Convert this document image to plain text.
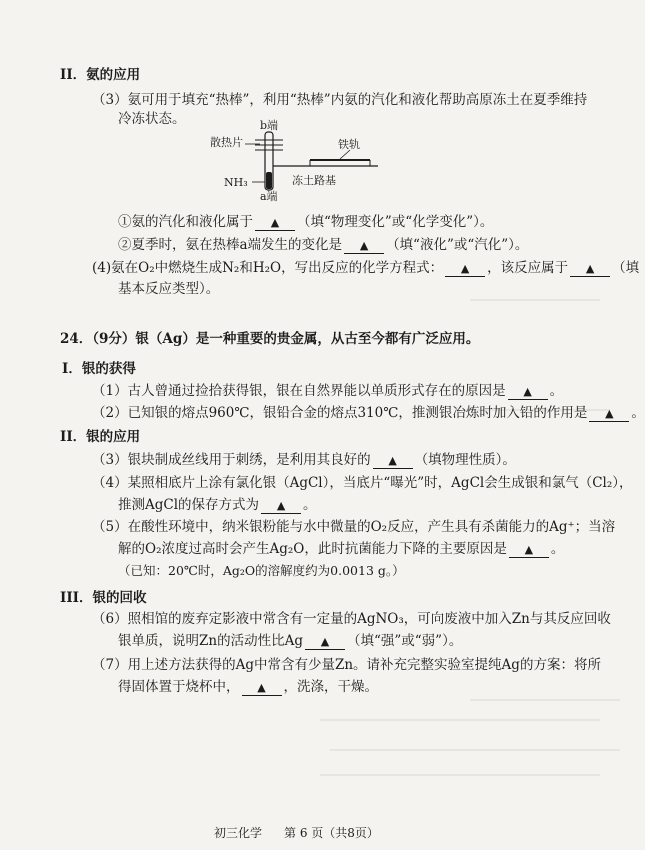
II．氨的应用
（3）氨可用于填充“热棒”，利用“热棒”内氨的汽化和液化帮助高原冻土在夏季维持
冷冻状态。	b端
散热片	铁轨
NH₃
a端
冻土路基
①氨的汽化和液化属于 ▲ （填“物理变化”或“化学变化”）。
②夏季时，氨在热棒a端发生的变化是 ▲ （填“液化”或“汽化”）。
(4)氨在O₂中燃烧生成N₂和H₂O，写出反应的化学方程式： ▲ ，该反应属于 ▲ （填
基本反应类型）。
24．（9分）银（Ag）是一种重要的贵金属，从古至今都有广泛应用。
I．银的获得
（1）古人曾通过捡拾获得银，银在自然界能以单质形式存在的原因是 ▲ 。
（2）已知银的熔点960℃，银铅合金的熔点310℃，推测银冶炼时加入铅的作用是 ▲ 。
II．银的应用
（3）银块制成丝线用于刺绣，是利用其良好的 ▲ （填物理性质）。
（4）某照相底片上涂有氯化银（AgCl），当底片“曝光”时，AgCl会生成银和氯气（Cl₂），
推测AgCl的保存方式为 ▲ 。
（5）在酸性环境中，纳米银粉能与水中微量的O₂反应，产生具有杀菌能力的Ag⁺；当溶
解的O₂浓度过高时会产生Ag₂O，此时抗菌能力下降的主要原因是 ▲ 。
（已知：20℃时，Ag₂O的溶解度约为0.0013 g。）
III．银的回收
（6）照相馆的废弃定影液中常含有一定量的AgNO₃，可向废液中加入Zn与其反应回收
银单质，说明Zn的活动性比Ag ▲ （填“强”或“弱”）。
（7）用上述方法获得的Ag中常含有少量Zn。请补充完整实验室提纯Ag的方案：将所
得固体置于烧杯中， ▲ ，洗涤，干燥。
初三化学 第 6 页（共8页）
